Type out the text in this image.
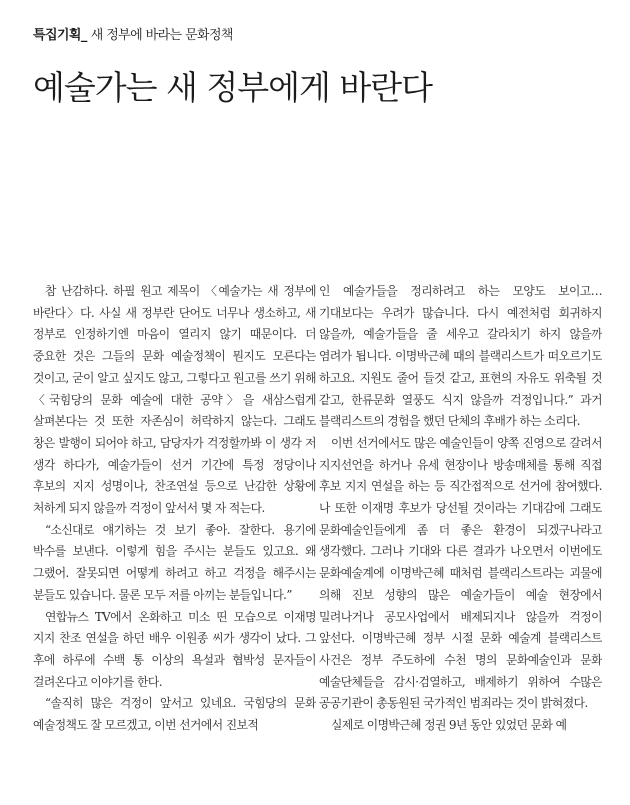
특집기획_ 새 정부에 바라는 문화정책
예술가는 새 정부에게 바란다

참 난감하다. 하필 원고 제목이 〈예술가는 새 정부에 바란다〉다. 사실 새 정부란 단어도 너무나 생소하고, 새 정부로 인정하기엔 마음이 열리지 않기 때문이다. 더 중요한 것은 그들의 문화 예술정책이 뭔지도 모른다는 것이고, 굳이 알고 싶지도 않고, 그렇다고 원고를 쓰기 위해 〈국힘당의 문화 예술에 대한 공약〉을 새삼스럽게 살펴본다는 것 또한 자존심이 허락하지 않는다. 그래도 창은 발행이 되어야 하고, 담당자가 걱정할까봐 이 생각 저 생각 하다가, 예술가들이 선거 기간에 특정 정당이나 후보의 지지 성명이나, 찬조연설 등으로 난감한 상황에 처하게 되지 않을까 걱정이 앞서서 몇 자 적는다.

“소신대로 얘기하는 것 보기 좋아. 잘한다. 용기에 박수를 보낸다. 이렇게 힘을 주시는 분들도 있고요. 왜 그랬어. 잘못되면 어떻게 하려고 하고 걱정을 해주시는 분들도 있습니다. 물론 모두 저를 아끼는 분들입니다.”

연합뉴스 TV에서 온화하고 미소 띤 모습으로 이재명 지지 찬조 연설을 하던 배우 이원종 씨가 생각이 났다. 그 후에 하루에 수백 통 이상의 욕설과 협박성 문자들이 걸려온다고 이야기를 한다.

“솔직히 많은 걱정이 앞서고 있네요. 국힘당의 문화 예술정책도 잘 모르겠고, 이번 선거에서 진보적

인 예술가들을 정리하려고 하는 모양도 보이고… 기대보다는 우려가 많습니다. 다시 예전처럼 회귀하지 않을까, 예술가들을 줄 세우고 갈라치기 하지 않을까 염려가 됩니다. 이명박근혜 때의 블랙리스트가 떠오르기도 하고요. 지원도 줄어 들것 같고, 표현의 자유도 위축될 것 같고, 한류문화 열풍도 식지 않을까 걱정입니다.” 과거 블랙리스트의 경험을 했던 단체의 후배가 하는 소리다.

이번 선거에서도 많은 예술인들이 양쪽 진영으로 갈려서 지지선언을 하거나 유세 현장이나 방송매체를 통해 직접 후보 지지 연설을 하는 등 직간접적으로 선거에 참여했다. 나 또한 이재명 후보가 당선될 것이라는 기대감에 그래도 문화예술인들에게 좀 더 좋은 환경이 되겠구나라고 생각했다. 그러나 기대와 다른 결과가 나오면서 이번에도 문화예술계에 이명박근혜 때처럼 블랙리스트라는 괴물에 의해 진보 성향의 많은 예술가들이 예술 현장에서 밀려나거나 공모사업에서 배제되지나 않을까 걱정이 앞선다. 이명박근혜 정부 시절 문화 예술계 블랙리스트 사건은 정부 주도하에 수천 명의 문화예술인과 문화 예술단체들을 감시·검열하고, 배제하기 위하여 수많은 공공기관이 총동원된 국가적인 범죄라는 것이 밝혀졌다.

실제로 이명박근혜 정권 9년 동안 있었던 문화 예
